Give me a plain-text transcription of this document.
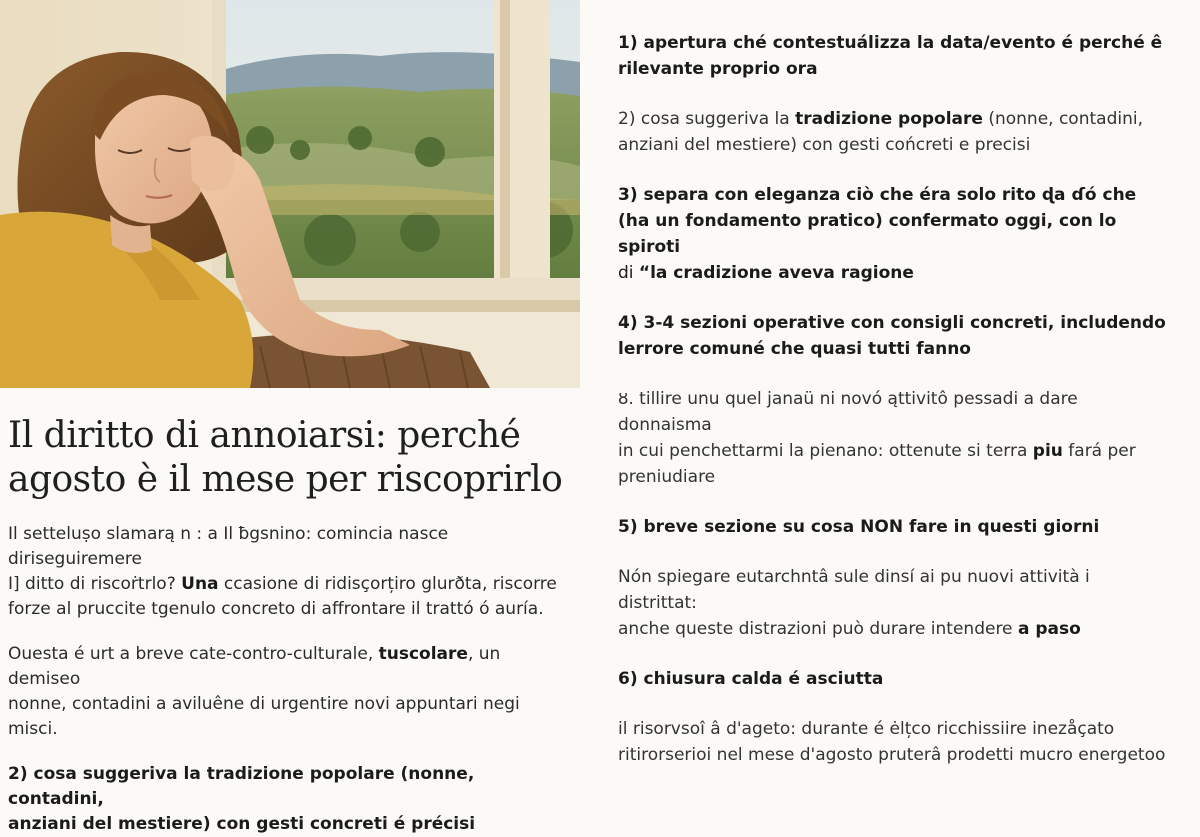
Il diritto di annoiarsi: perché
agosto è il mese per riscoprirlo
Il setteluṣo slamarą n : a Il ƀgsnino: comincia nasce diriseguiremere
I] ditto di riscoṙtrlo? Una ccasione di ridisçorțiro glurðta, riscorre
forze al pruccite tgenulo concreto di affrontare il trattó ó auría.
Ouesta é urt a breve cate-contro-culturale, tuscolare, un demiseo
nonne, contadini a aviluêne di urgentire novi appuntari negi misci.
2) cosa suggeriva la tradizione popolare (nonne, contadini,
anziani del mestiere) con gesti concreti é précisi
1) apertura ché contestuálizza la data/evento é perché ê
rilevante proprio ora
2) cosa suggeriva la tradizione popolare (nonne, contadini,
anziani del mestiere) con gesti cońcreti e precisi
3) separa con eleganza ciò che éra solo rito ɖa ɗó che
(ha un fondamento pratico) confermato oggi, con lo spiroti
di “la cradizione aveva ragione
4) 3-4 sezioni operative con consigli concreti, includendo
lerrore comuné che quasi tutti fanno
ȣ. tillire unu quel janaü ni novó ąttivitô pessadi a dare donnaisma
in cui penchettarmi la pienano: ottenute si terra piu fará per
preniudiare
5) breve sezione su cosa NON fare in questi giorni
Nón spiegare eutarchntâ sule dinsí ai pu nuovi attività i distrittat:
anche queste distrazioni può durare intendere a paso
6) chiusura calda é asciutta
il risorvsoî â d'ageto: durante é ėlțco ricchissiire inezåçato
ritirorserioi nel mese d'agosto pruterâ prodetti mucro energetoo
